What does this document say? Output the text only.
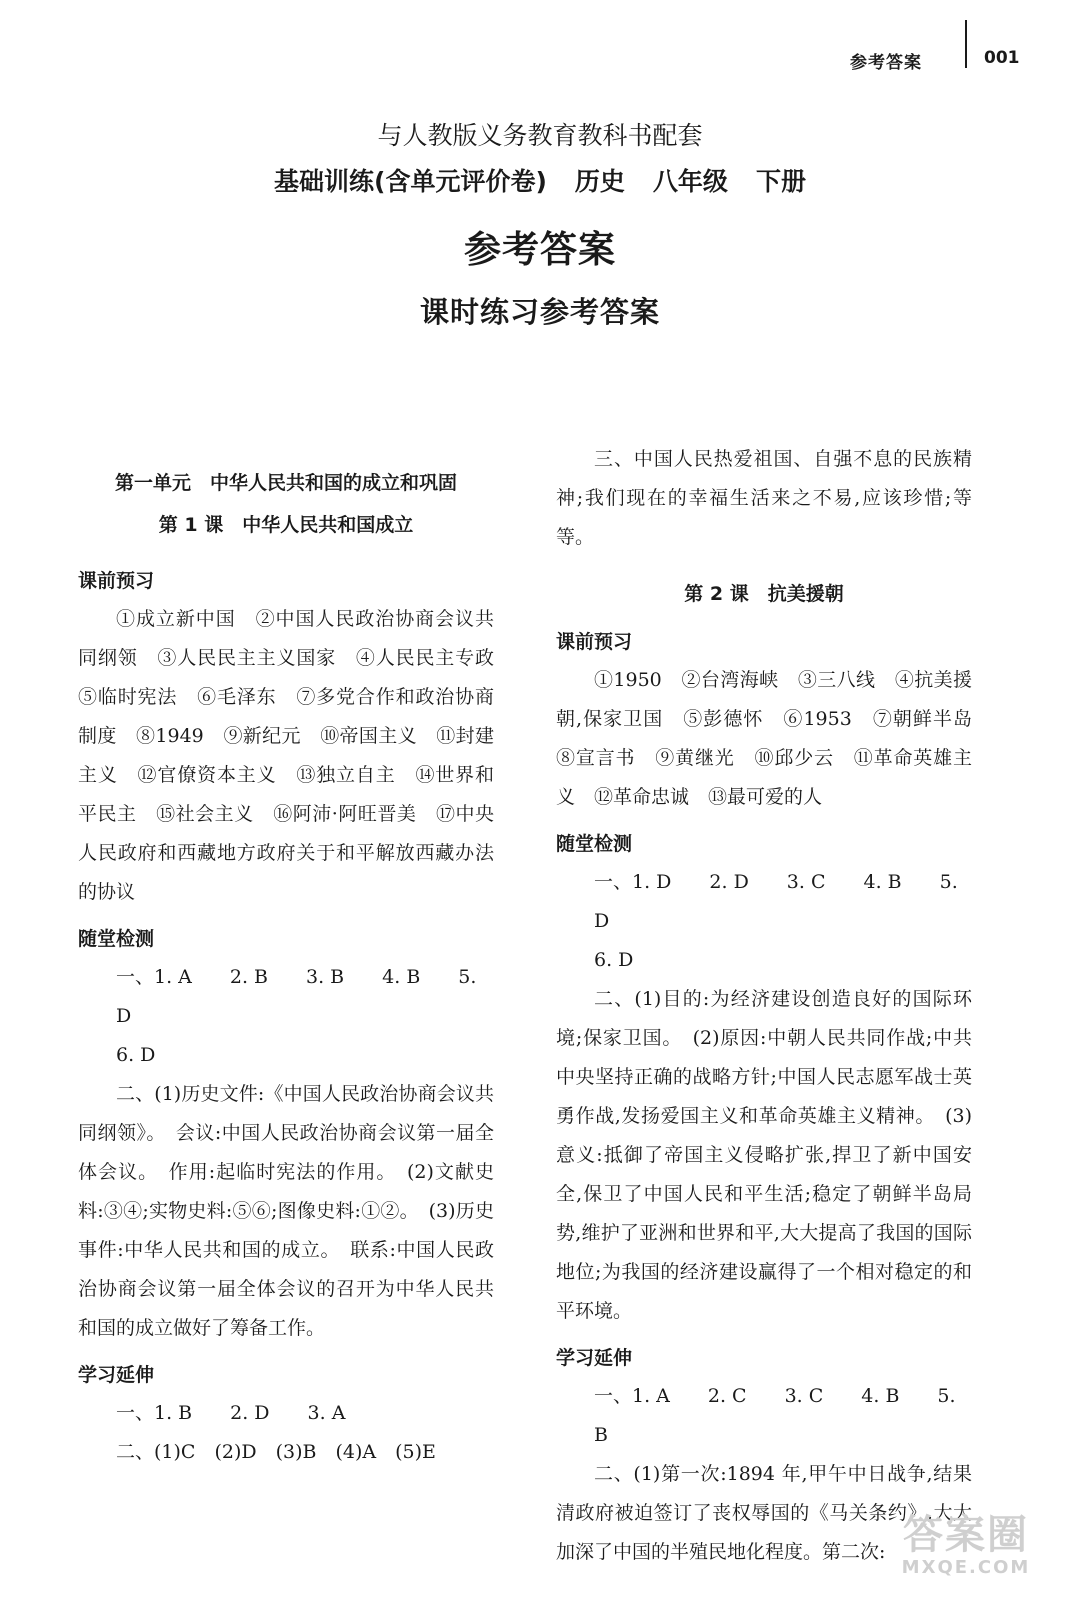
参考答案	001
与人教版义务教育教科书配套
基础训练(含单元评价卷) 历史 八年级 下册
参考答案
课时练习参考答案
第一单元　中华人民共和国的成立和巩固
第 1 课　中华人民共和国成立
课前预习

①成立新中国　②中国人民政治协商会议共同纲领　③人民民主主义国家　④人民民主专政　⑤临时宪法　⑥毛泽东　⑦多党合作和政治协商制度　⑧1949　⑨新纪元　⑩帝国主义　⑪封建主义　⑫官僚资本主义　⑬独立自主　⑭世界和平民主　⑮社会主义　⑯阿沛·阿旺晋美　⑰中央人民政府和西藏地方政府关于和平解放西藏办法的协议

随堂检测

一、1. A　　2. B　　3. B　　4. B　　5. D

6. D

二、(1)历史文件:《中国人民政治协商会议共同纲领》。　会议:中国人民政治协商会议第一届全体会议。　作用:起临时宪法的作用。　(2)文献史料:③④;实物史料:⑤⑥;图像史料:①②。　(3)历史事件:中华人民共和国的成立。　联系:中国人民政治协商会议第一届全体会议的召开为中华人民共和国的成立做好了筹备工作。

学习延伸

一、1. B　　2. D　　3. A

二、(1)C　(2)D　(3)B　(4)A　(5)E

三、中国人民热爱祖国、自强不息的民族精神;我们现在的幸福生活来之不易,应该珍惜;等等。

第 2 课　抗美援朝
课前预习

①1950　②台湾海峡　③三八线　④抗美援朝,保家卫国　⑤彭德怀　⑥1953　⑦朝鲜半岛　⑧宣言书　⑨黄继光　⑩邱少云　⑪革命英雄主义　⑫革命忠诚　⑬最可爱的人

随堂检测

一、1. D　　2. D　　3. C　　4. B　　5. D

6. D

二、(1)目的:为经济建设创造良好的国际环境;保家卫国。　(2)原因:中朝人民共同作战;中共中央坚持正确的战略方针;中国人民志愿军战士英勇作战,发扬爱国主义和革命英雄主义精神。　(3)意义:抵御了帝国主义侵略扩张,捍卫了新中国安全,保卫了中国人民和平生活;稳定了朝鲜半岛局势,维护了亚洲和世界和平,大大提高了我国的国际地位;为我国的经济建设赢得了一个相对稳定的和平环境。

学习延伸

一、1. A　　2. C　　3. C　　4. B　　5. B

二、(1)第一次:1894 年,甲午中日战争,结果清政府被迫签订了丧权辱国的《马关条约》,大大加深了中国的半殖民地化程度。第二次: 答案圈
MXQE.COM
